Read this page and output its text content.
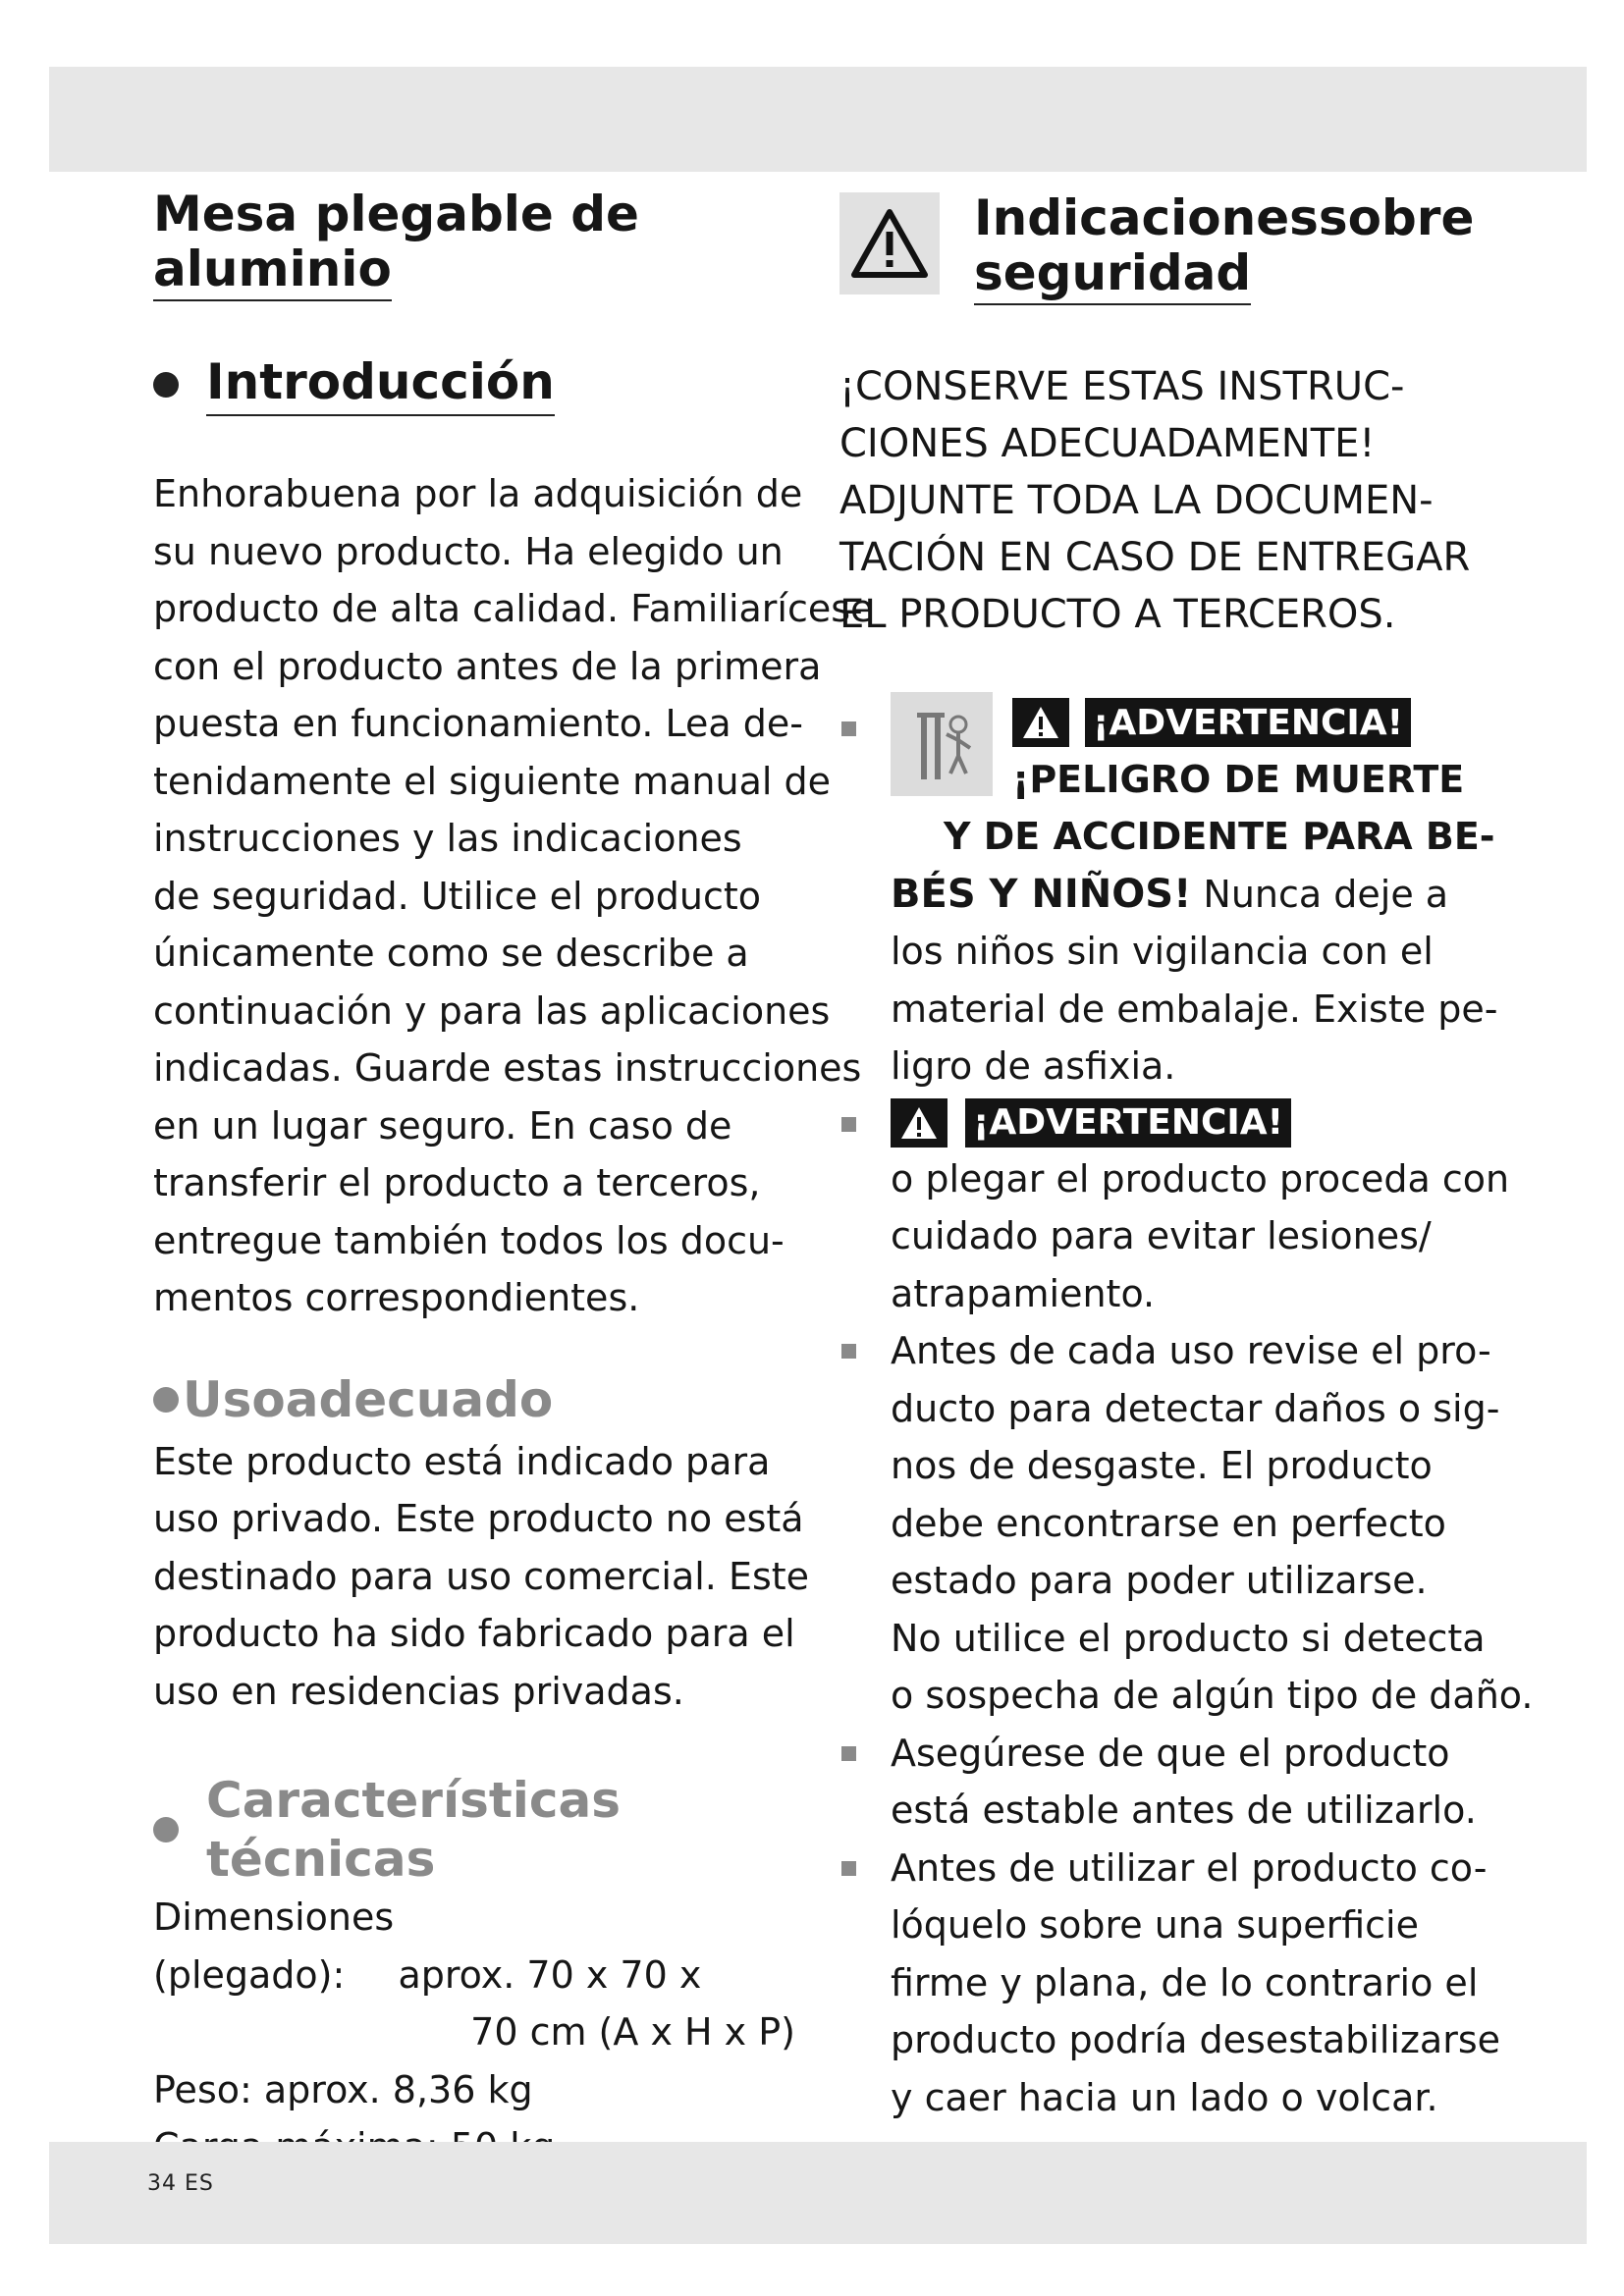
Mesa plegable de
aluminio
Introducción

Enhorabuena por la adquisición de
su nuevo producto. Ha elegido un
producto de alta calidad. Familiarícese
con el producto antes de la primera
puesta en funcionamiento. Lea de-
tenidamente el siguiente manual de
instrucciones y las indicaciones
de seguridad. Utilice el producto
únicamente como se describe a
continuación y para las aplicaciones
indicadas. Guarde estas instrucciones
en un lugar seguro. En caso de
transferir el producto a terceros,
entregue también todos los docu-
mentos correspondientes.

Usoadecuado

Este producto está indicado para
uso privado. Este producto no está
destinado para uso comercial. Este
producto ha sido fabricado para el
uso en residencias privadas.

Características técnicas

Dimensiones
(plegado): aprox. 70 x 70 x
70 cm (A x H x P)
Peso: aprox. 8,36 kg

Indicacionessobre
seguridad

¡CONSERVE ESTAS INSTRUC-
CIONES ADECUADAMENTE!
ADJUNTE TODA LA DOCUMEN-
TACIÓN EN CASO DE ENTREGAR
EL PRODUCTO A TERCEROS.

¡ADVERTENCIA!
¡PELIGRO DE MUERTE
Y DE ACCIDENTE PARA BE-
BÉS Y NIÑOS! Nunca deje a
los niños sin vigilancia con el
material de embalaje. Existe pe-
ligro de asfixia.
¡ADVERTENCIA!
o plegar el producto proceda con
cuidado para evitar lesiones/
atrapamiento.
Antes de cada uso revise el pro-
ducto para detectar daños o sig-
nos de desgaste. El producto
debe encontrarse en perfecto
estado para poder utilizarse.
No utilice el producto si detecta
o sospecha de algún tipo de daño.
Asegúrese de que el producto
está estable antes de utilizarlo.
Antes de utilizar el producto co-
lóquelo sobre una superficie
firme y plana, de lo contrario el
producto podría desestabilizarse
y caer hacia un lado o volcar.
34 ES
